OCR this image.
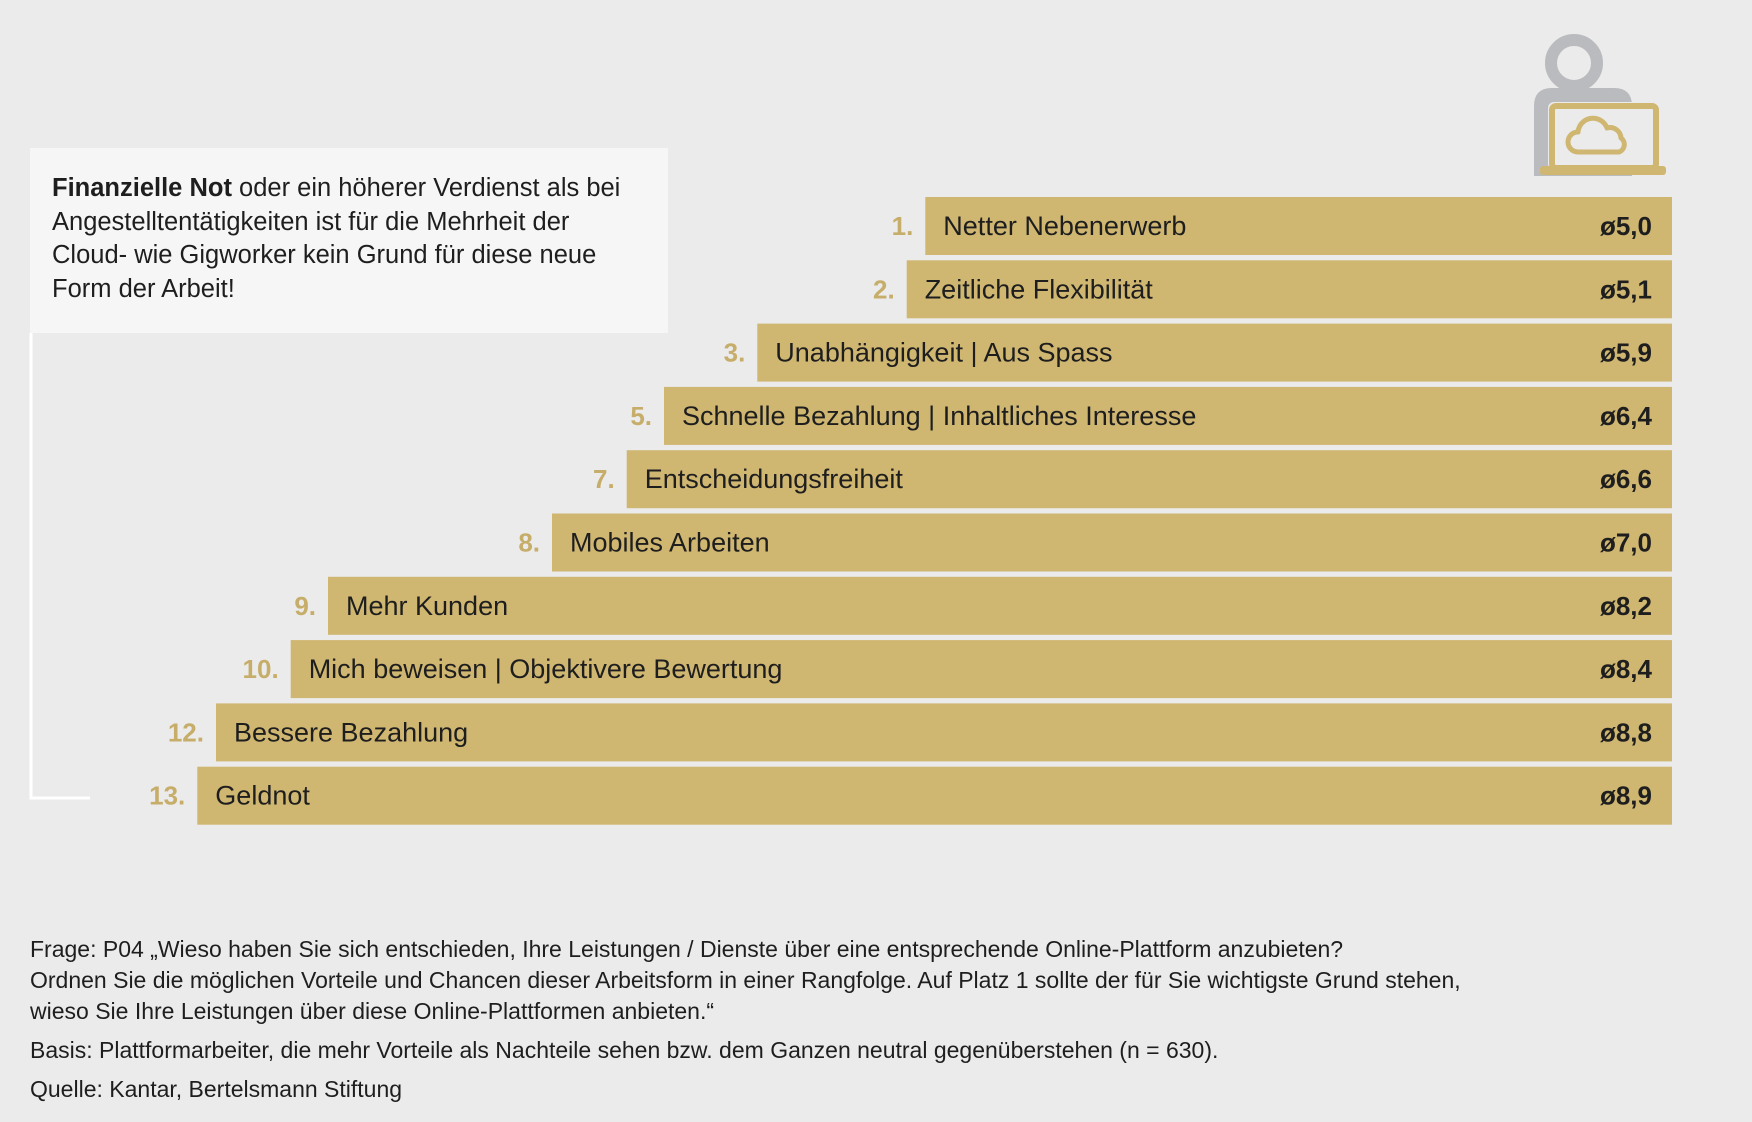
1. Netter Nebenerwerb	ø5,0
2. Zeitliche Flexibilität	ø5,1
3. Unabhängigkeit | Aus Spass	ø5,9
5. Schnelle Bezahlung | Inhaltliches Interesse	ø6,4
7. Entscheidungsfreiheit	ø6,6
8. Mobiles Arbeiten	ø7,0
9. Mehr Kunden	ø8,2
10. Mich beweisen | Objektivere Bewertung	ø8,4
12. Bessere Bezahlung	ø8,8
13. Geldnot	ø8,9
Finanzielle Not oder ein höherer Verdienst als bei Angestelltentätigkeiten ist für die Mehrheit der Cloud- wie Gigworker kein Grund für diese neue Form der Arbeit!

Frage: P04 „Wieso haben Sie sich entschieden, Ihre Leistungen / Dienste über eine entsprechende Online-Plattform anzubieten?

Ordnen Sie die möglichen Vorteile und Chancen dieser Arbeitsform in einer Rangfolge. Auf Platz 1 sollte der für Sie wichtigste Grund stehen,

wieso Sie Ihre Leistungen über diese Online-Plattformen anbieten.“

Basis: Plattformarbeiter, die mehr Vorteile als Nachteile sehen bzw. dem Ganzen neutral gegenüberstehen (n = 630).

Quelle: Kantar, Bertelsmann Stiftung
